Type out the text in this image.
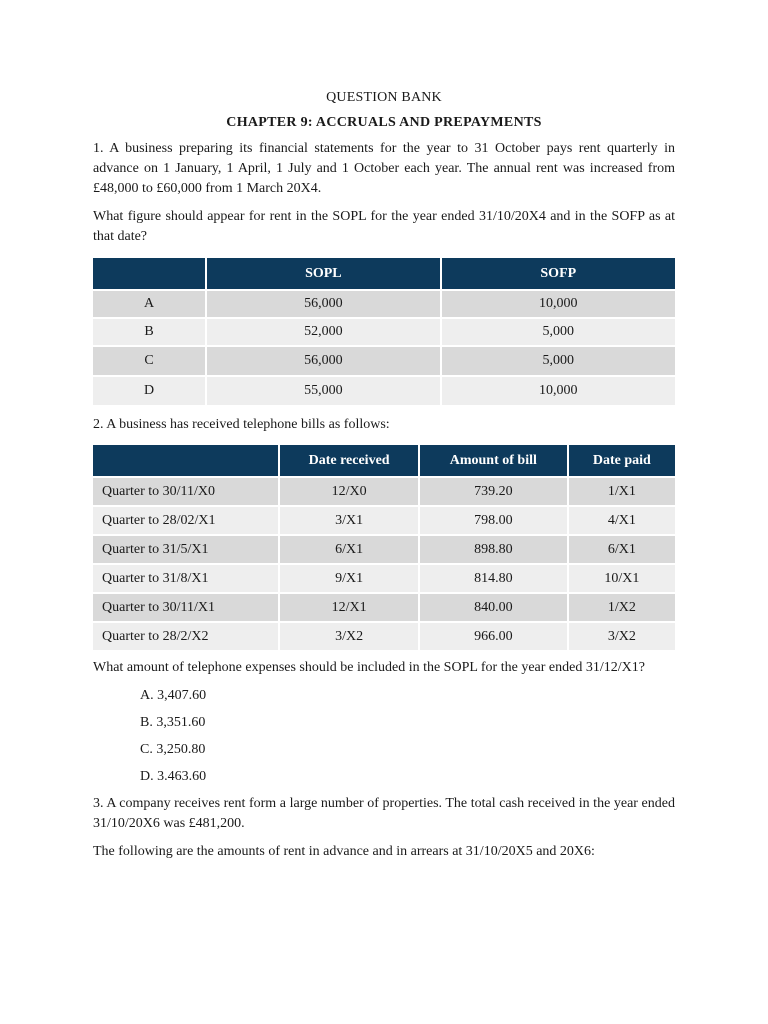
QUESTION BANK
CHAPTER 9: ACCRUALS AND PREPAYMENTS

1. A business preparing its financial statements for the year to 31 October pays rent quarterly in advance on 1 January, 1 April, 1 July and 1 October each year. The annual rent was increased from £48,000 to £60,000 from 1 March 20X4.

What figure should appear for rent in the SOPL for the year ended 31/10/20X4 and in the SOFP as at that date?

	SOPL	SOFP
A	56,000	10,000
B	52,000	5,000
C	56,000	5,000
D	55,000	10,000

2. A business has received telephone bills as follows:

	Date received	Amount of bill	Date paid
Quarter to 30/11/X0	12/X0	739.20	1/X1
Quarter to 28/02/X1	3/X1	798.00	4/X1
Quarter to 31/5/X1	6/X1	898.80	6/X1
Quarter to 31/8/X1	9/X1	814.80	10/X1
Quarter to 30/11/X1	12/X1	840.00	1/X2
Quarter to 28/2/X2	3/X2	966.00	3/X2

What amount of telephone expenses should be included in the SOPL for the year ended 31/12/X1?

A. 3,407.60
B. 3,351.60
C. 3,250.80
D. 3.463.60

3. A company receives rent form a large number of properties. The total cash received in the year ended 31/10/20X6 was £481,200.

The following are the amounts of rent in advance and in arrears at 31/10/20X5 and 20X6:
